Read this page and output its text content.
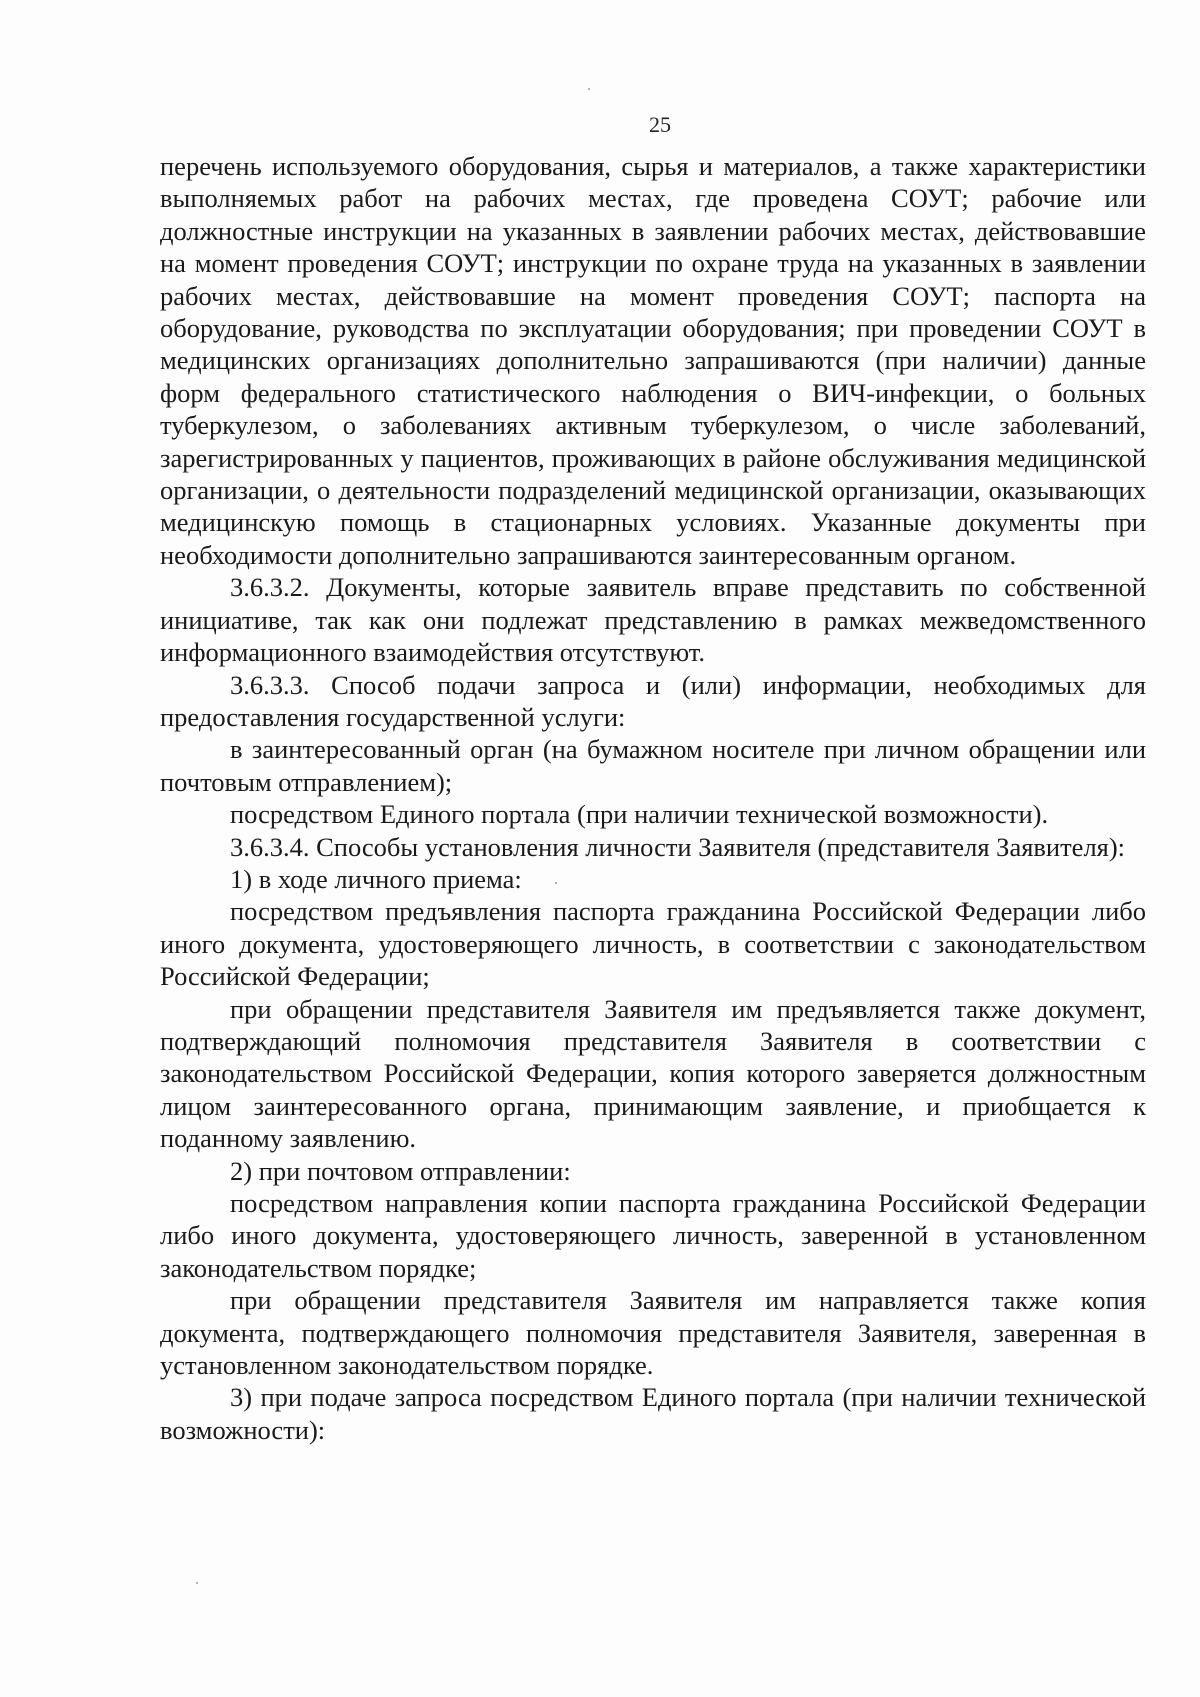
25

перечень используемого оборудования, сырья и материалов, а также характеристики выполняемых работ на рабочих местах, где проведена СОУТ; рабочие или должностные инструкции на указанных в заявлении рабочих местах, действовавшие на момент проведения СОУТ; инструкции по охране труда на указанных в заявлении рабочих местах, действовавшие на момент проведения СОУТ; паспорта на оборудование, руководства по эксплуатации оборудования; при проведении СОУТ в медицинских организациях дополнительно запрашиваются (при наличии) данные форм федерального статистического наблюдения о ВИЧ-инфекции, о больных туберкулезом, о заболеваниях активным туберкулезом, о числе заболеваний, зарегистрированных у пациентов, проживающих в районе обслуживания медицинской организации, о деятельности подразделений медицинской организации, оказывающих медицинскую помощь в стационарных условиях. Указанные документы при необходимости дополнительно запрашиваются заинтересованным органом.

3.6.3.2. Документы, которые заявитель вправе представить по собственной инициативе, так как они подлежат представлению в рамках межведомственного информационного взаимодействия отсутствуют.

3.6.3.3. Способ подачи запроса и (или) информации, необходимых для предоставления государственной услуги:

в заинтересованный орган (на бумажном носителе при личном обращении или почтовым отправлением);

посредством Единого портала (при наличии технической возможности).

3.6.3.4. Способы установления личности Заявителя (представителя Заявителя):

1) в ходе личного приема:

посредством предъявления паспорта гражданина Российской Федерации либо иного документа, удостоверяющего личность, в соответствии с законодательством Российской Федерации;

при обращении представителя Заявителя им предъявляется также документ, подтверждающий полномочия представителя Заявителя в соответствии с законодательством Российской Федерации, копия которого заверяется должностным лицом заинтересованного органа, принимающим заявление, и приобщается к поданному заявлению.

2) при почтовом отправлении:

посредством направления копии паспорта гражданина Российской Федерации либо иного документа, удостоверяющего личность, заверенной в установленном законодательством порядке;

при обращении представителя Заявителя им направляется также копия документа, подтверждающего полномочия представителя Заявителя, заверенная в установленном законодательством порядке.

3) при подаче запроса посредством Единого портала (при наличии технической возможности):
